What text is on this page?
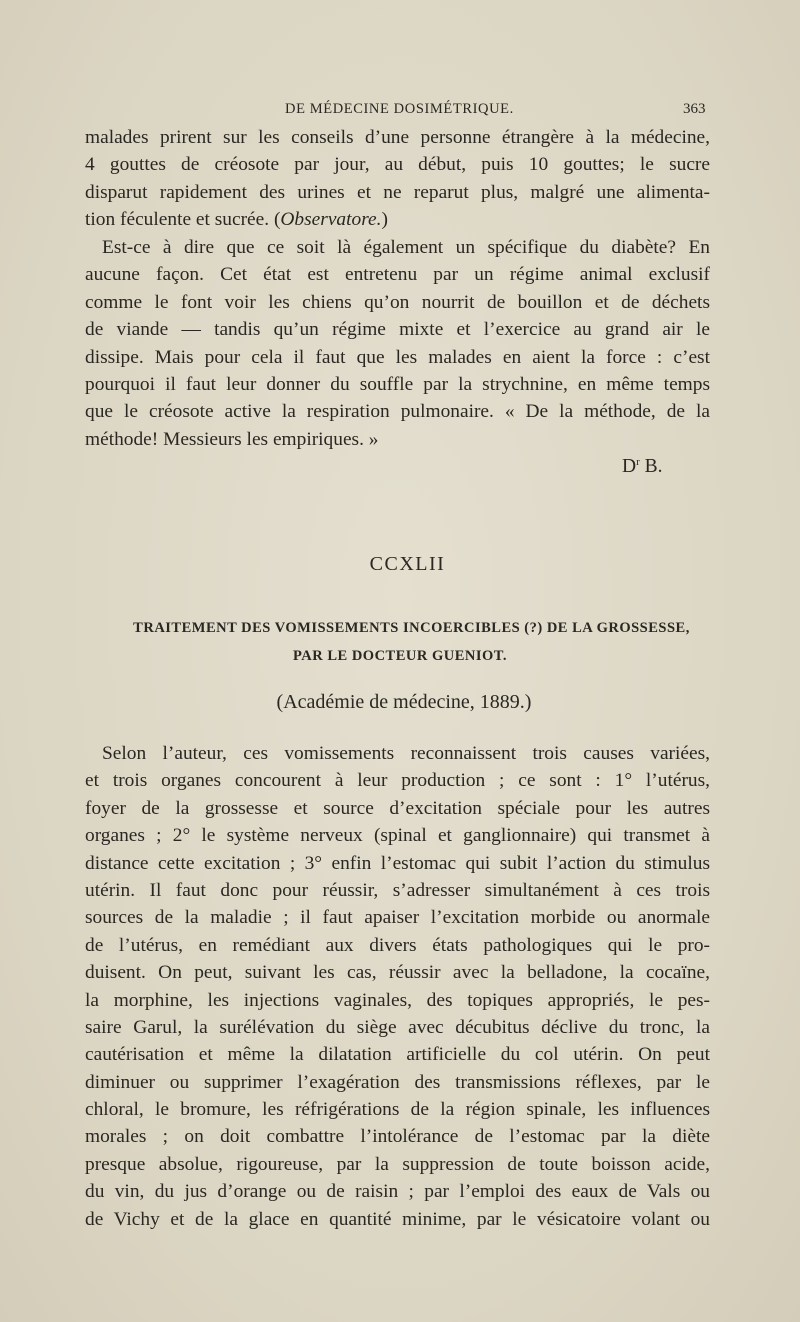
DE MÉDECINE DOSIMÉTRIQUE.	363
malades prirent sur les conseils d’une personne étrangère à la médecine,
4 gouttes de créosote par jour, au début, puis 10 gouttes; le sucre
disparut rapidement des urines et ne reparut plus, malgré une alimenta-
tion féculente et sucrée. (Observatore.)
Est-ce à dire que ce soit là également un spécifique du diabète? En
aucune façon. Cet état est entretenu par un régime animal exclusif
comme le font voir les chiens qu’on nourrit de bouillon et de déchets
de viande — tandis qu’un régime mixte et l’exercice au grand air le
dissipe. Mais pour cela il faut que les malades en aient la force : c’est
pourquoi il faut leur donner du souffle par la strychnine, en même temps
que le créosote active la respiration pulmonaire. « De la méthode, de la
méthode! Messieurs les empiriques. »
$D^r$ B.
CCXLII
TRAITEMENT DES VOMISSEMENTS INCOERCIBLES (?) DE LA GROSSESSE,
PAR LE DOCTEUR GUENIOT.
(Académie de médecine, 1889.)
Selon l’auteur, ces vomissements reconnaissent trois causes variées,
et trois organes concourent à leur production ; ce sont : 1° l’utérus,
foyer de la grossesse et source d’excitation spéciale pour les autres
organes ; 2° le système nerveux (spinal et ganglionnaire) qui transmet à
distance cette excitation ; 3° enfin l’estomac qui subit l’action du stimulus
utérin. Il faut donc pour réussir, s’adresser simultanément à ces trois
sources de la maladie ; il faut apaiser l’excitation morbide ou anormale
de l’utérus, en remédiant aux divers états pathologiques qui le pro-
duisent. On peut, suivant les cas, réussir avec la belladone, la cocaïne,
la morphine, les injections vaginales, des topiques appropriés, le pes-
saire Garul, la surélévation du siège avec décubitus déclive du tronc, la
cautérisation et même la dilatation artificielle du col utérin. On peut
diminuer ou supprimer l’exagération des transmissions réflexes, par le
chloral, le bromure, les réfrigérations de la région spinale, les influences
morales ; on doit combattre l’intolérance de l’estomac par la diète
presque absolue, rigoureuse, par la suppression de toute boisson acide,
du vin, du jus d’orange ou de raisin ; par l’emploi des eaux de Vals ou
de Vichy et de la glace en quantité minime, par le vésicatoire volant ou
